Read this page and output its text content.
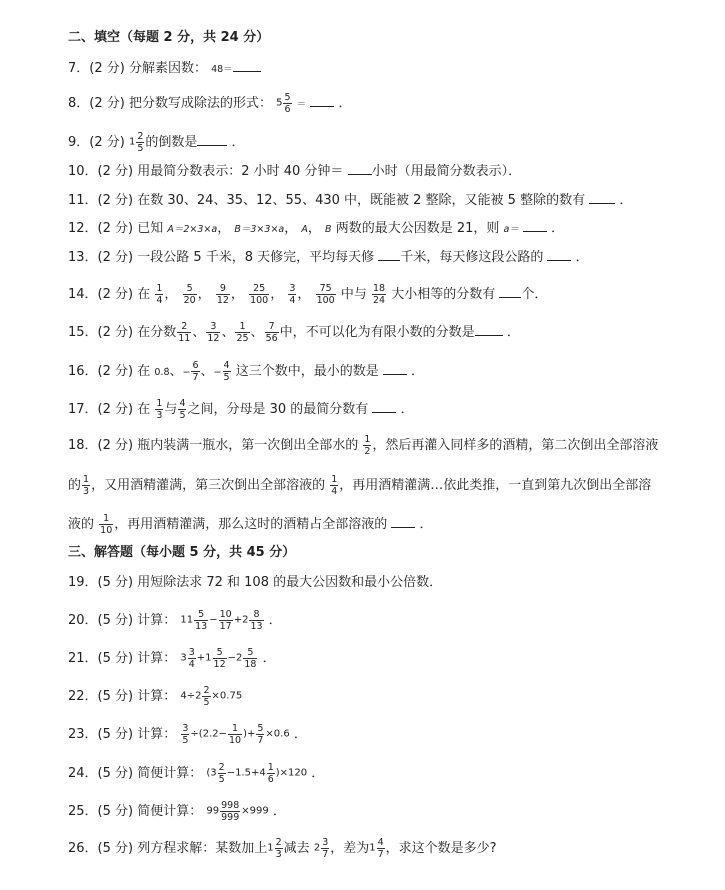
二、填空（每题 2 分，共 24 分）
7．(2 分) 分解素因数： 48＝
8．(2 分) 把分数写成除法的形式： $5 \frac{5}{6}$ ＝ ．
9．(2 分) $1 \frac{2}{5}$ 的倒数是	．
10．(2 分) 用最简分数表示：2 小时 40 分钟＝ 小时（用最简分数表示）．
11．(2 分) 在数 30、24、35、12、55、430 中，既能被 2 整除，又能被 5 整除的数有	．
12．(2 分) 已知 A＝2×3×a， B＝3×3×a， A， B 两数的最大公因数是 21，则 a＝ ．
13．(2 分) 一段公路 5 千米，8 天修完，平均每天修 千米，每天修这段公路的 ．
14．(2 分) 在 $\frac{1}{4}$ ， $\frac{5}{20}$ ， $\frac{9}{12}$ ， $\frac{25}{100}$ ， $\frac{3}{4}$ ， $\frac{75}{100}$ 中与 $\frac{18}{24}$ 大小相等的分数有 个．
15．(2 分) 在分数 $\frac{2}{11}$ 、 $\frac{3}{12}$ 、 $\frac{1}{25}$ 、 $\frac{7}{56}$ 中，不可以化为有限小数的分数是 ．
16．(2 分) 在 0.8̇、− $\frac{6}{7}$ 、− $\frac{4}{5}$ 这三个数中，最小的数是 ．
17．(2 分) 在 $\frac{1}{3}$ 与 $\frac{4}{5}$ 之间，分母是 30 的最简分数有 ．
18．(2 分) 瓶内装满一瓶水，第一次倒出全部水的 $\frac{1}{2}$ ，然后再灌入同样多的酒精，第二次倒出全部溶液
的 $\frac{1}{3}$ ，又用酒精灌满，第三次倒出全部溶液的 $\frac{1}{4}$ ，再用酒精灌满…依此类推，一直到第九次倒出全部溶
液的 $\frac{1}{10}$ ，再用酒精灌满，那么这时的酒精占全部溶液的 ．
三、解答题（每小题 5 分，共 45 分）
19．(5 分) 用短除法求 72 和 108 的最大公因数和最小公倍数．
20．(5 分) 计算： $11 \frac{5}{13} - \frac{10}{17} +2 \frac{8}{13}$ ．
21．(5 分) 计算： $3 \frac{3}{4} +1 \frac{5}{12} -2 \frac{5}{18}$ ．
22．(5 分) 计算： $4\div 2 \frac{2}{5} \times 0.75$
23．(5 分) 计算： $\frac{3}{5} \div(2.2- \frac{1}{10}$ )+ $\frac{5}{7} \times 0.6$ ．
24．(5 分) 简便计算： $(3 \frac{2}{5} -1.5+4 \frac{1}{6} )\times 120$ ．
25．(5 分) 简便计算： $99 \frac{998}{999} \times 999$ ．
26．(5 分) 列方程求解：某数加上$1 \frac{2}{3}$ 减去 $2 \frac{3}{7}$ ，差为$1 \frac{4}{7}$ ，求这个数是多少?
